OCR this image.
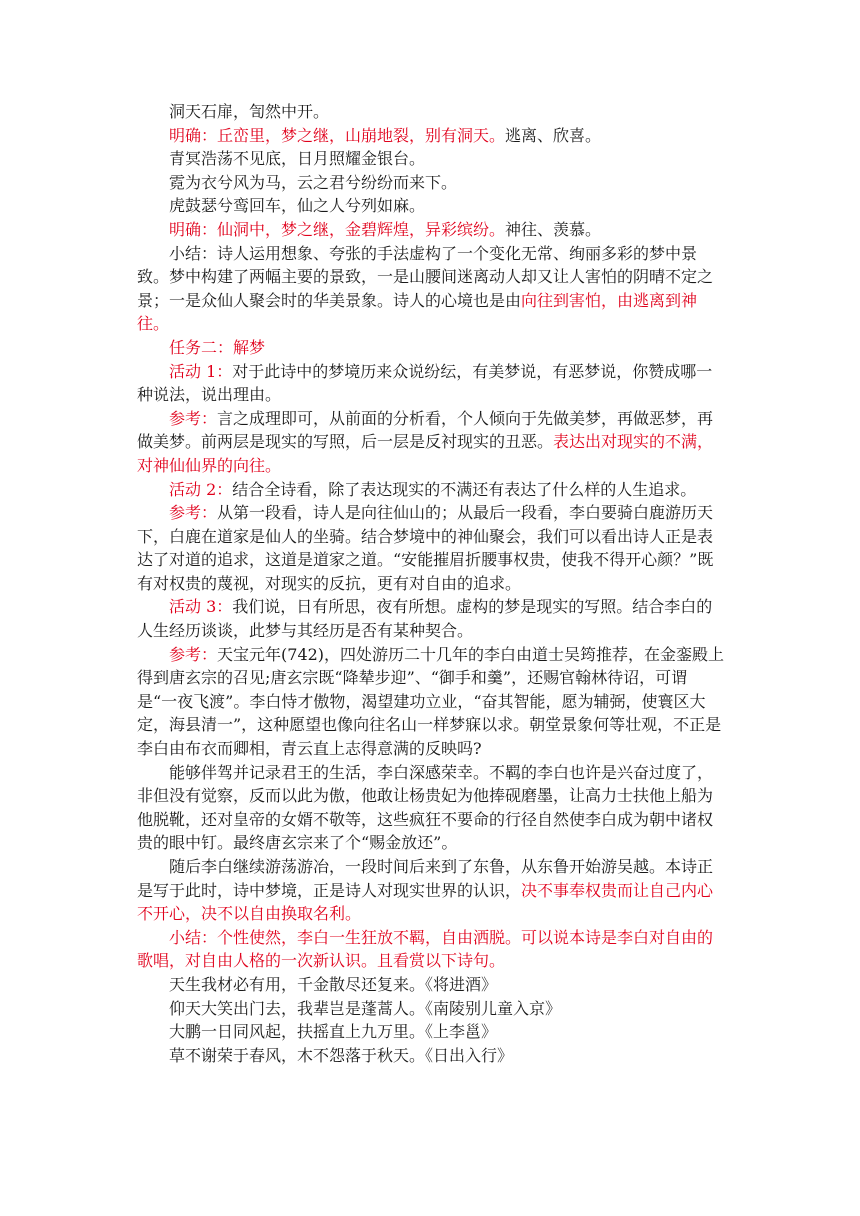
洞天石扉，訇然中开。

明确：丘峦里，梦之继，山崩地裂，别有洞天。逃离、欣喜。

青冥浩荡不见底，日月照耀金银台。

霓为衣兮风为马，云之君兮纷纷而来下。

虎鼓瑟兮鸾回车，仙之人兮列如麻。

明确：仙洞中，梦之继，金碧辉煌，异彩缤纷。神往、羡慕。

小结：诗人运用想象、夸张的手法虚构了一个变化无常、绚丽多彩的梦中景致。梦中构建了两幅主要的景致，一是山腰间迷离动人却又让人害怕的阴晴不定之景；一是众仙人聚会时的华美景象。诗人的心境也是由向往到害怕，由逃离到神往。

任务二：解梦

活动 1：对于此诗中的梦境历来众说纷纭，有美梦说，有恶梦说，你赞成哪一种说法，说出理由。

参考：言之成理即可，从前面的分析看，个人倾向于先做美梦，再做恶梦，再做美梦。前两层是现实的写照，后一层是反衬现实的丑恶。表达出对现实的不满，对神仙仙界的向往。

活动 2：结合全诗看，除了表达现实的不满还有表达了什么样的人生追求。

参考：从第一段看，诗人是向往仙山的；从最后一段看，李白要骑白鹿游历天下，白鹿在道家是仙人的坐骑。结合梦境中的神仙聚会，我们可以看出诗人正是表达了对道的追求，这道是道家之道。“安能摧眉折腰事权贵，使我不得开心颜？”既有对权贵的蔑视，对现实的反抗，更有对自由的追求。

活动 3：我们说，日有所思，夜有所想。虚构的梦是现实的写照。结合李白的人生经历谈谈，此梦与其经历是否有某种契合。

参考：天宝元年(742)，四处游历二十几年的李白由道士吴筠推荐，在金銮殿上得到唐玄宗的召见;唐玄宗既“降辇步迎”、“御手和羹”，还赐官翰林待诏，可谓是“一夜飞渡”。李白恃才傲物，渴望建功立业，“奋其智能，愿为辅弼，使寰区大定，海县清一”，这种愿望也像向往名山一样梦寐以求。朝堂景象何等壮观，不正是李白由布衣而卿相，青云直上志得意满的反映吗?

能够伴驾并记录君王的生活，李白深感荣幸。不羁的李白也许是兴奋过度了，非但没有觉察，反而以此为傲，他敢让杨贵妃为他捧砚磨墨，让高力士扶他上船为他脱靴，还对皇帝的女婿不敬等，这些疯狂不要命的行径自然使李白成为朝中诸权贵的眼中钉。最终唐玄宗来了个“赐金放还”。

随后李白继续游荡游冶，一段时间后来到了东鲁，从东鲁开始游吴越。本诗正是写于此时，诗中梦境，正是诗人对现实世界的认识，决不事奉权贵而让自己内心不开心，决不以自由换取名利。

小结：个性使然，李白一生狂放不羁，自由洒脱。可以说本诗是李白对自由的歌唱，对自由人格的一次新认识。且看赏以下诗句。

天生我材必有用，千金散尽还复来。《将进酒》

仰天大笑出门去，我辈岂是蓬蒿人。《南陵别儿童入京》

大鹏一日同风起，扶摇直上九万里。《上李邕》

草不谢荣于春风，木不怨落于秋天。《日出入行》
